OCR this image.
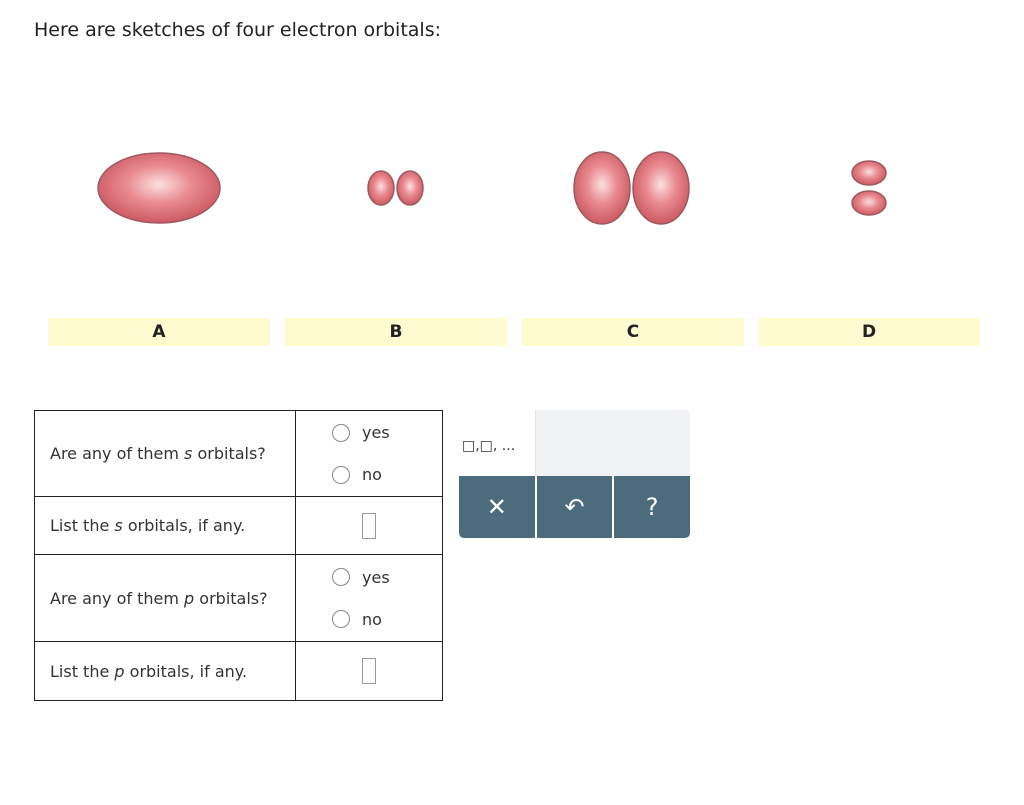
Here are sketches of four electron orbitals:
A	B	C	D
Are any of them s orbitals?	yes
no

List the s orbitals, if any.	

Are any of them p orbitals?	yes
no

List the p orbitals, if any.	
□,□, ...
✕ ↶	?
